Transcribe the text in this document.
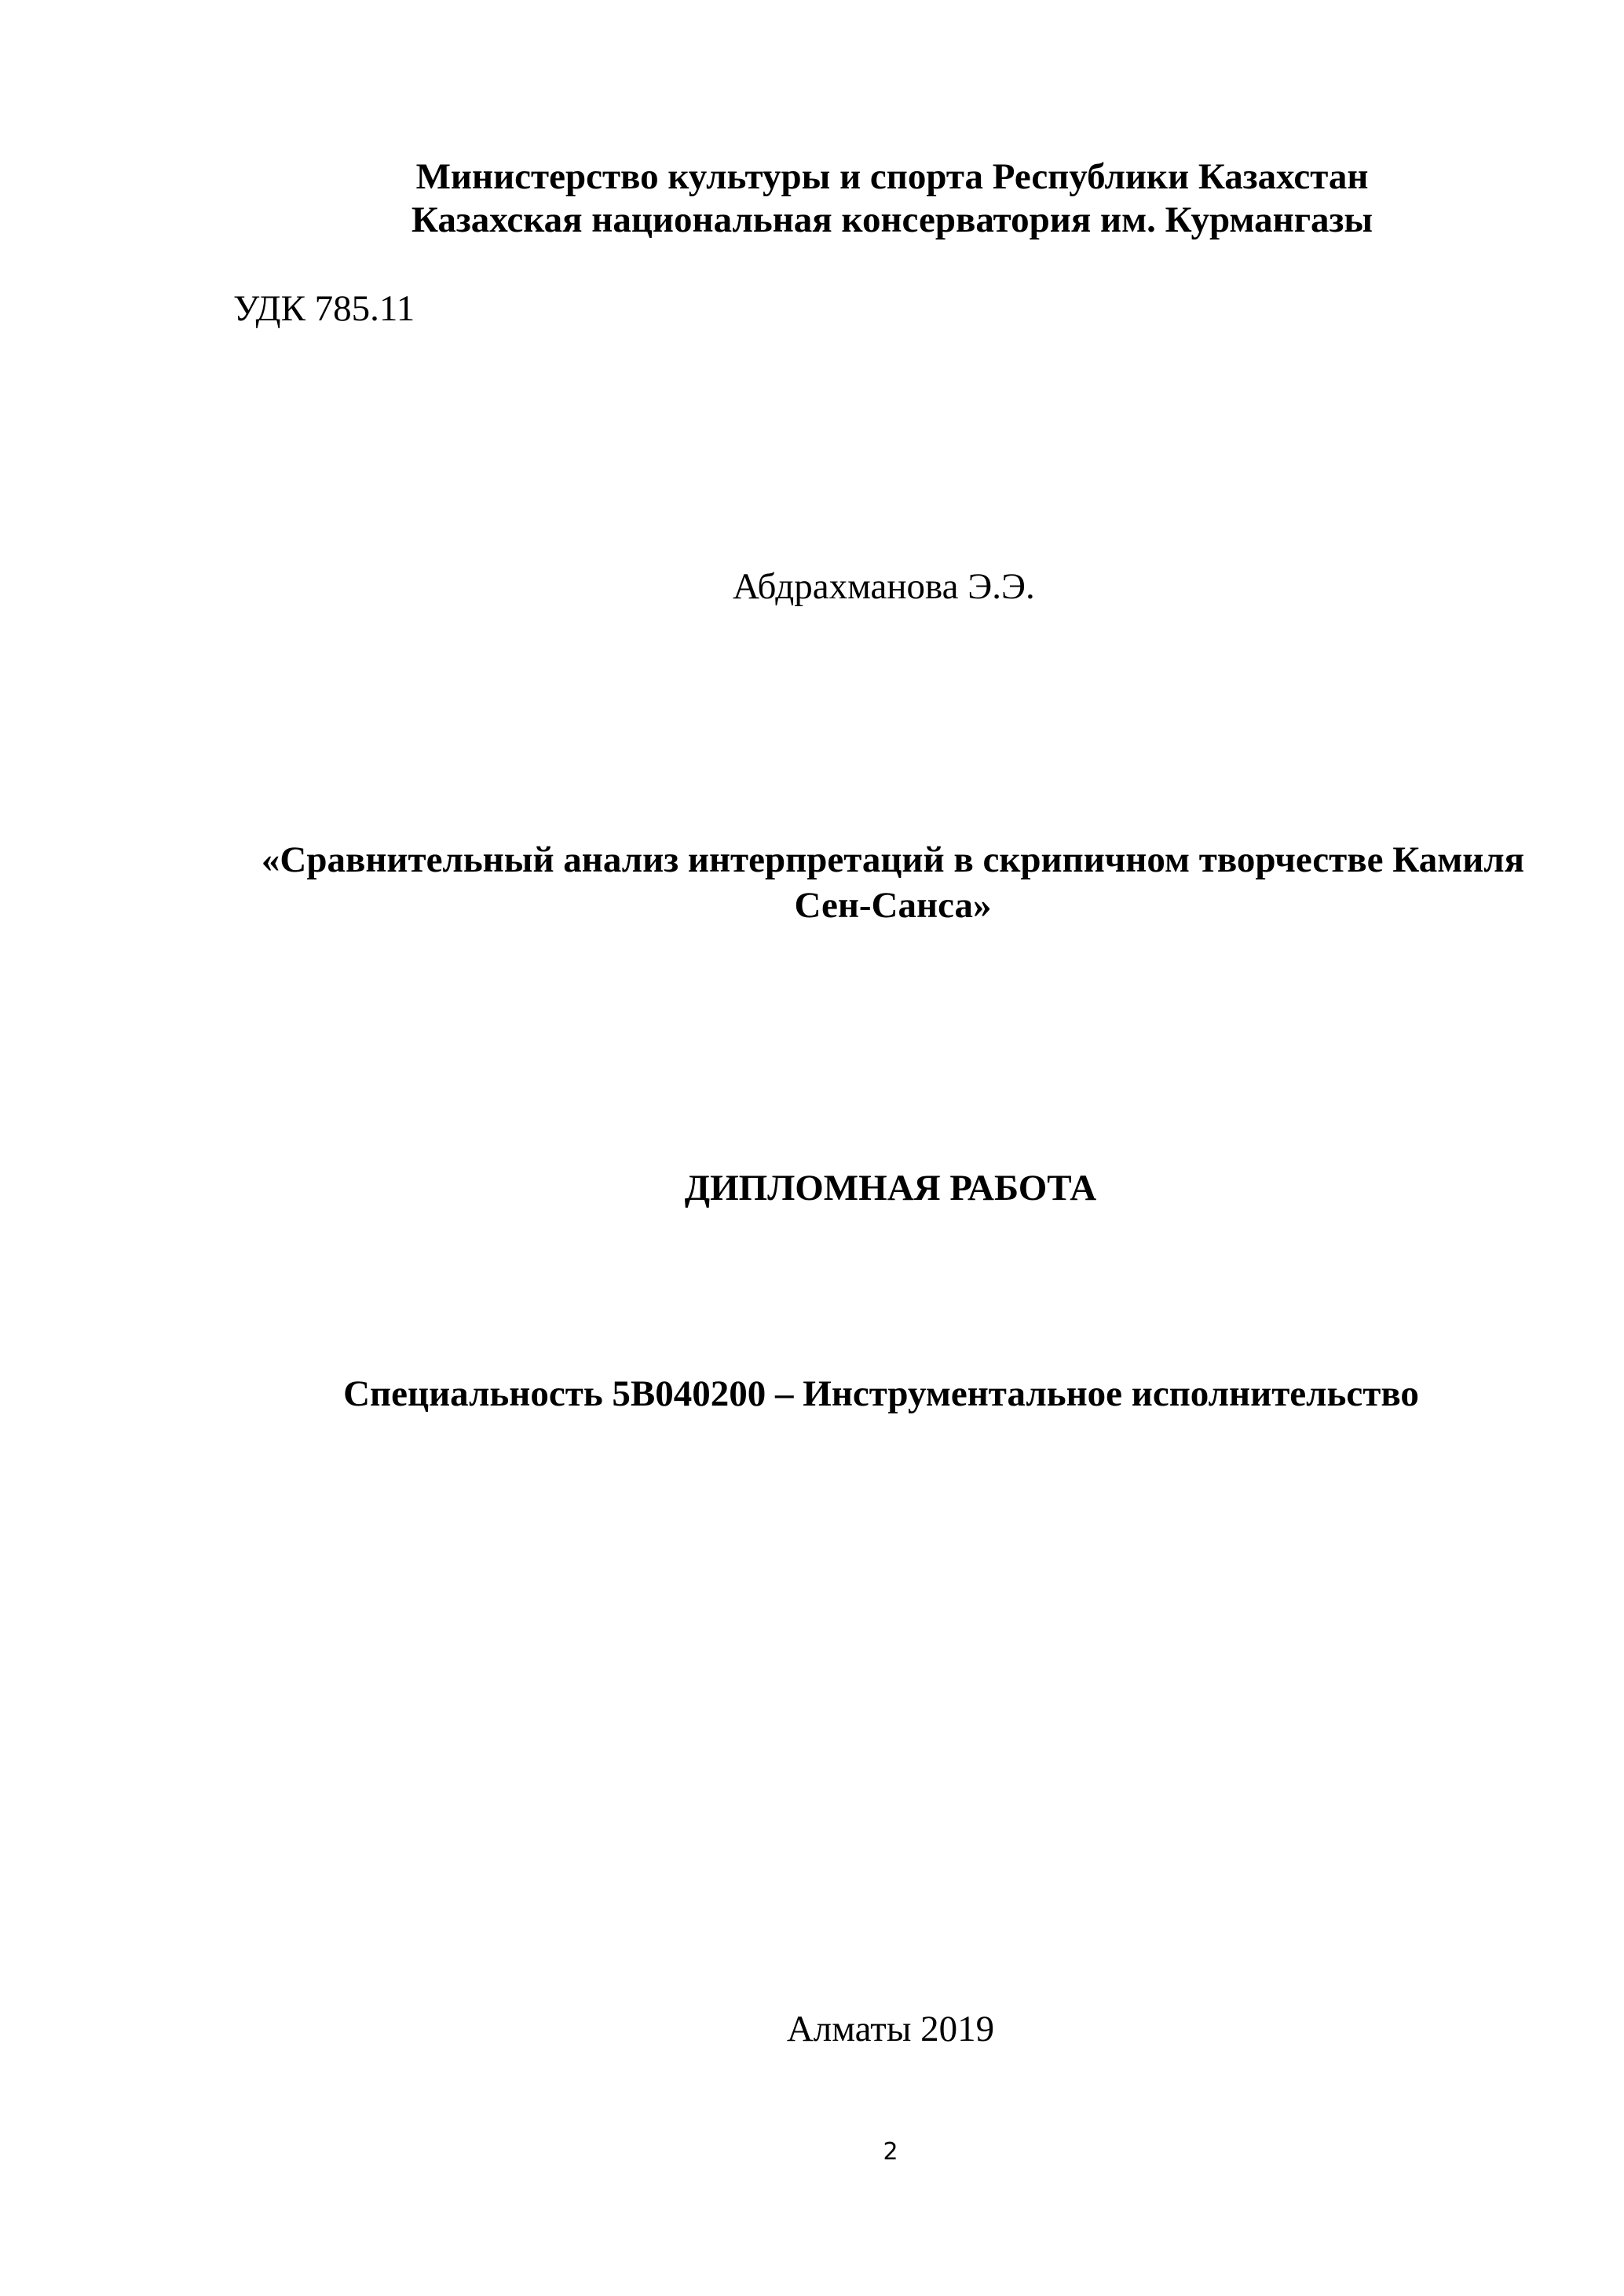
Министерство культуры и спорта Республики Казахстан
Казахская национальная консерватория им. Курмангазы
УДК 785.11
Абдрахманова Э.Э.
«Сравнительный анализ интерпретаций в скрипичном творчестве Камиля
Сен-Санса»
ДИПЛОМНАЯ РАБОТА
Специальность 5В040200 – Инструментальное исполнительство
Алматы 2019
2
